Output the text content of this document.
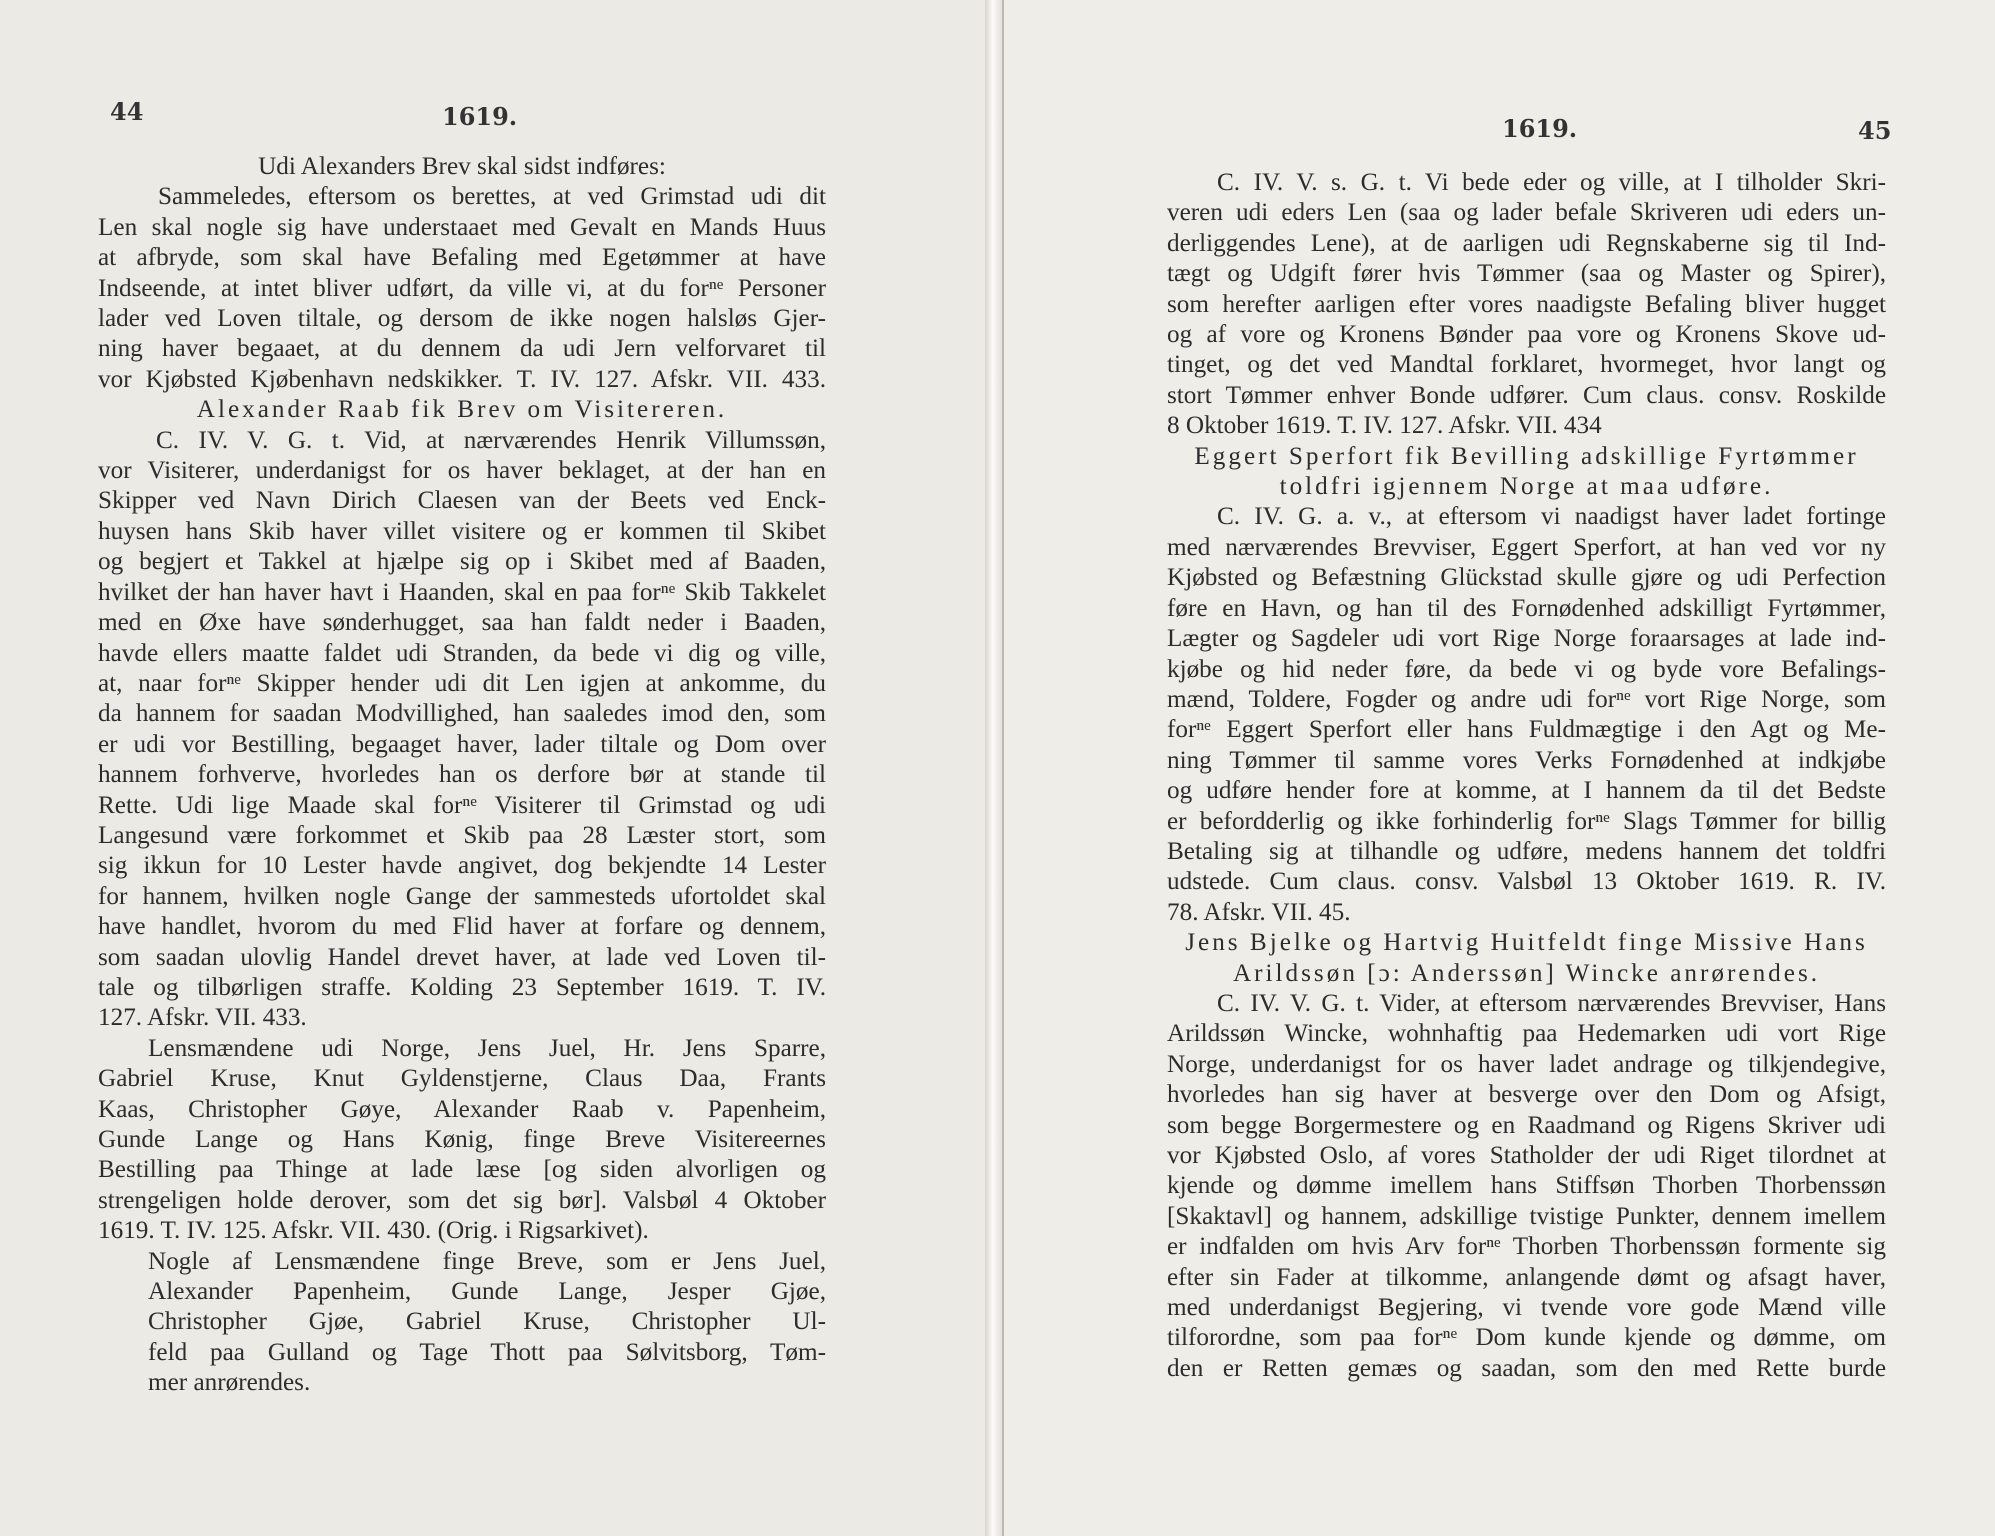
44	1619.
Udi Alexanders Brev skal sidst indføres:
Sammeledes, eftersom os berettes, at ved Grimstad udi dit
Len skal nogle sig have understaaet med Gevalt en Mands Huus
at afbryde, som skal have Befaling med Egetømmer at have
Indseende, at intet bliver udført, da ville vi, at du forⁿᵉ Personer
lader ved Loven tiltale, og dersom de ikke nogen halsløs Gjer-
ning haver begaaet, at du dennem da udi Jern velforvaret til
vor Kjøbsted Kjøbenhavn nedskikker. T. IV. 127. Afskr. VII. 433.
Alexander Raab fik Brev om Visitereren.
C. IV. V. G. t. Vid, at nærværendes Henrik Villumssøn,
vor Visiterer, underdanigst for os haver beklaget, at der han en
Skipper ved Navn Dirich Claesen van der Beets ved Enck-
huysen hans Skib haver villet visitere og er kommen til Skibet
og begjert et Takkel at hjælpe sig op i Skibet med af Baaden,
hvilket der han haver havt i Haanden, skal en paa forⁿᵉ Skib Takkelet
med en Øxe have sønderhugget, saa han faldt neder i Baaden,
havde ellers maatte faldet udi Stranden, da bede vi dig og ville,
at, naar forⁿᵉ Skipper hender udi dit Len igjen at ankomme, du
da hannem for saadan Modvillighed, han saaledes imod den, som
er udi vor Bestilling, begaaget haver, lader tiltale og Dom over
hannem forhverve, hvorledes han os derfore bør at stande til
Rette. Udi lige Maade skal forⁿᵉ Visiterer til Grimstad og udi
Langesund være forkommet et Skib paa 28 Læster stort, som
sig ikkun for 10 Lester havde angivet, dog bekjendte 14 Lester
for hannem, hvilken nogle Gange der sammesteds ufortoldet skal
have handlet, hvorom du med Flid haver at forfare og dennem,
som saadan ulovlig Handel drevet haver, at lade ved Loven til-
tale og tilbørligen straffe. Kolding 23 September 1619. T. IV.
127. Afskr. VII. 433.
Lensmændene udi Norge, Jens Juel, Hr. Jens Sparre,
Gabriel Kruse, Knut Gyldenstjerne, Claus Daa, Frants
Kaas, Christopher Gøye, Alexander Raab v. Papenheim,
Gunde Lange og Hans Kønig, finge Breve Visitereernes
Bestilling paa Thinge at lade læse [og siden alvorligen og
strengeligen holde derover, som det sig bør]. Valsbøl 4 Oktober
1619. T. IV. 125. Afskr. VII. 430. (Orig. i Rigsarkivet).
Nogle af Lensmændene finge Breve, som er Jens Juel,
Alexander Papenheim, Gunde Lange, Jesper Gjøe,
Christopher Gjøe, Gabriel Kruse, Christopher Ul-
feld paa Gulland og Tage Thott paa Sølvitsborg, Tøm-
mer anrørendes.
1619.	45
C. IV. V. s. G. t. Vi bede eder og ville, at I tilholder Skri-
veren udi eders Len (saa og lader befale Skriveren udi eders un-
derliggendes Lene), at de aarligen udi Regnskaberne sig til Ind-
tægt og Udgift fører hvis Tømmer (saa og Master og Spirer),
som herefter aarligen efter vores naadigste Befaling bliver hugget
og af vore og Kronens Bønder paa vore og Kronens Skove ud-
tinget, og det ved Mandtal forklaret, hvormeget, hvor langt og
stort Tømmer enhver Bonde udfører. Cum claus. consv. Roskilde
8 Oktober 1619. T. IV. 127. Afskr. VII. 434
Eggert Sperfort fik Bevilling adskillige Fyrtømmer
toldfri igjennem Norge at maa udføre.
C. IV. G. a. v., at eftersom vi naadigst haver ladet fortinge
med nærværendes Brevviser, Eggert Sperfort, at han ved vor ny
Kjøbsted og Befæstning Glückstad skulle gjøre og udi Perfection
føre en Havn, og han til des Fornødenhed adskilligt Fyrtømmer,
Lægter og Sagdeler udi vort Rige Norge foraarsages at lade ind-
kjøbe og hid neder føre, da bede vi og byde vore Befalings-
mænd, Toldere, Fogder og andre udi forⁿᵉ vort Rige Norge, som
forⁿᵉ Eggert Sperfort eller hans Fuldmægtige i den Agt og Me-
ning Tømmer til samme vores Verks Fornødenhed at indkjøbe
og udføre hender fore at komme, at I hannem da til det Bedste
er befordderlig og ikke forhinderlig forⁿᵉ Slags Tømmer for billig
Betaling sig at tilhandle og udføre, medens hannem det toldfri
udstede. Cum claus. consv. Valsbøl 13 Oktober 1619. R. IV.
78. Afskr. VII. 45.
Jens Bjelke og Hartvig Huitfeldt finge Missive Hans
Arildssøn [ɔ: Anderssøn] Wincke anrørendes.
C. IV. V. G. t. Vider, at eftersom nærværendes Brevviser, Hans
Arildssøn Wincke, wohnhaftig paa Hedemarken udi vort Rige
Norge, underdanigst for os haver ladet andrage og tilkjendegive,
hvorledes han sig haver at besverge over den Dom og Afsigt,
som begge Borgermestere og en Raadmand og Rigens Skriver udi
vor Kjøbsted Oslo, af vores Statholder der udi Riget tilordnet at
kjende og dømme imellem hans Stiffsøn Thorben Thorbenssøn
[Skaktavl] og hannem, adskillige tvistige Punkter, dennem imellem
er indfalden om hvis Arv forⁿᵉ Thorben Thorbenssøn formente sig
efter sin Fader at tilkomme, anlangende dømt og afsagt haver,
med underdanigst Begjering, vi tvende vore gode Mænd ville
tilforordne, som paa forⁿᵉ Dom kunde kjende og dømme, om
den er Retten gemæs og saadan, som den med Rette burde
